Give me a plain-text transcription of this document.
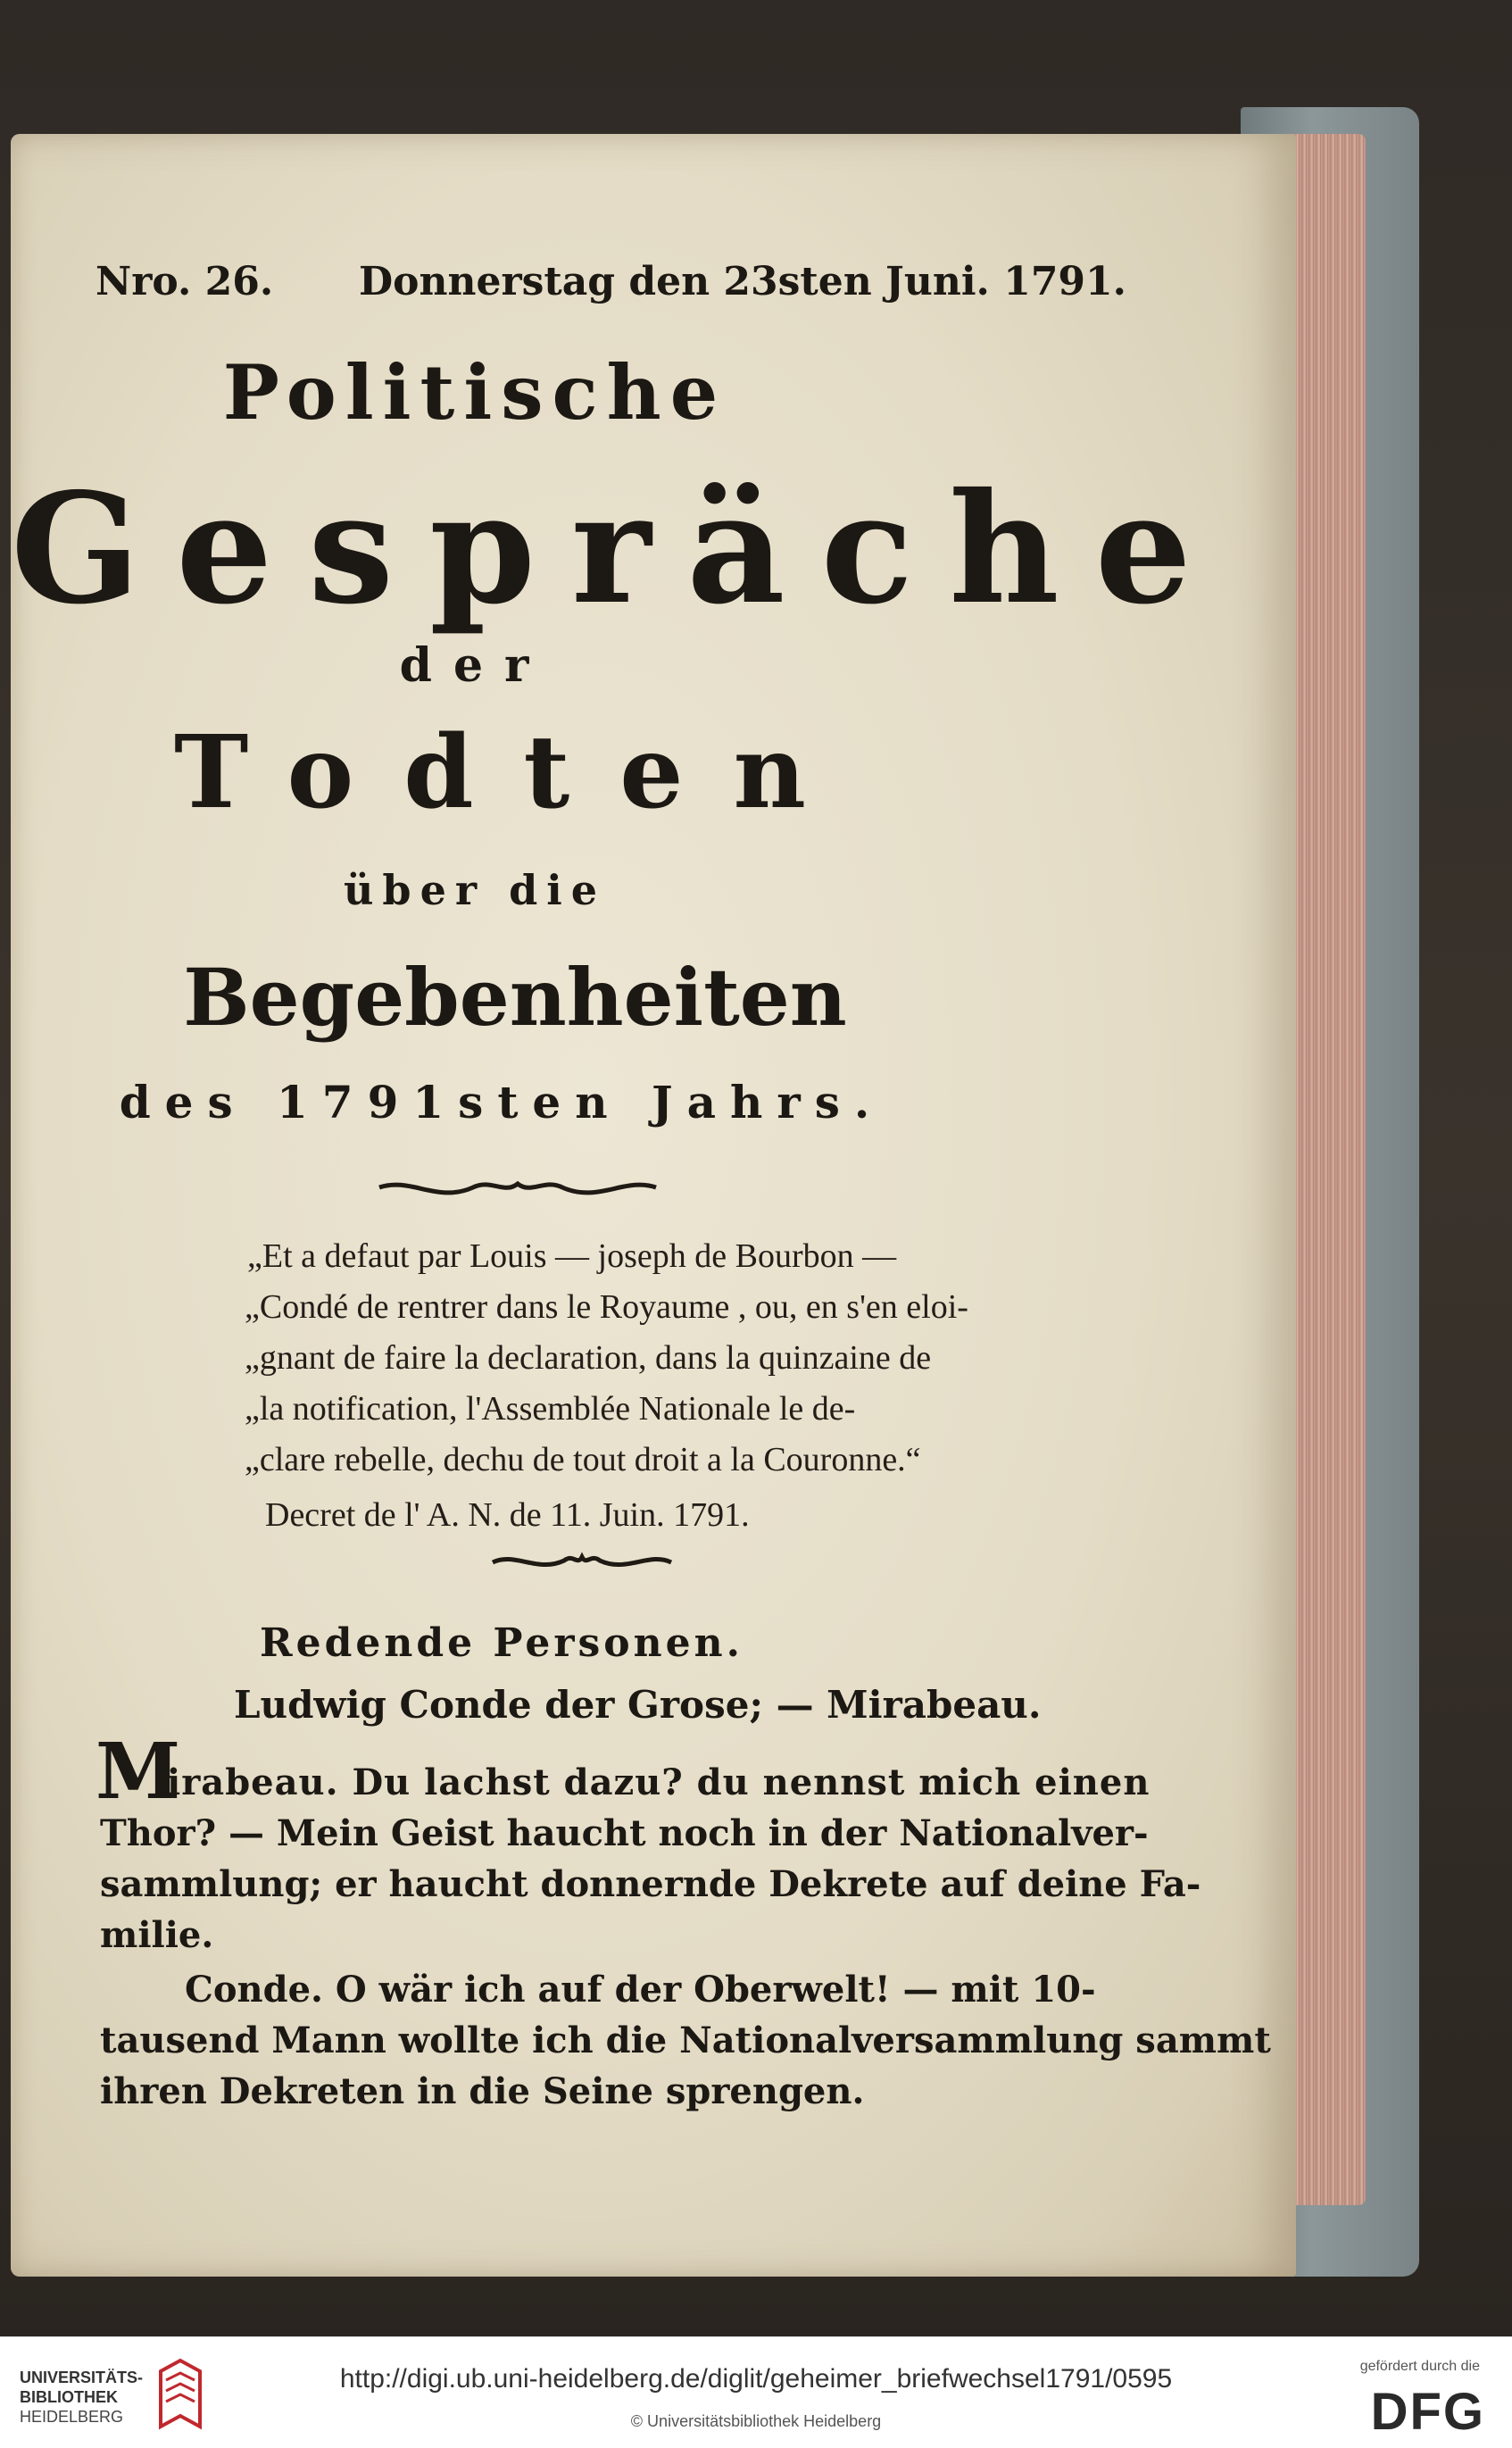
Nro. 26. Donnerstag den 23sten Juni. 1791.
Politische
Gespräche
der
Todten
über die
Begebenheiten
des 1791sten Jahrs.
„Et a defaut par Louis — joseph de Bourbon —
„Condé de rentrer dans le Royaume , ou, en s'en eloi-
„gnant de faire la declaration, dans la quinzaine de
„la notification, l'Assemblée Nationale le de-
„clare rebelle, dechu de tout droit a la Couronne.“
Decret de l' A. N. de 11. Juin. 1791.
Redende Personen.
Ludwig Conde der Grose; — Mirabeau.
M
irabeau. Du lachst dazu? du nennst mich einen
Thor? — Mein Geist haucht noch in der Nationalver-
sammlung; er haucht donnernde Dekrete auf deine Fa-
milie.
Conde. O wär ich auf der Oberwelt! — mit 10-
tausend Mann wollte ich die Nationalversammlung sammt
ihren Dekreten in die Seine sprengen.
UNIVERSITÄTS-
BIBLIOTHEK
HEIDELBERG
http://digi.ub.uni-heidelberg.de/diglit/geheimer_briefwechsel1791/0595
© Universitätsbibliothek Heidelberg
gefördert durch die
DFG
